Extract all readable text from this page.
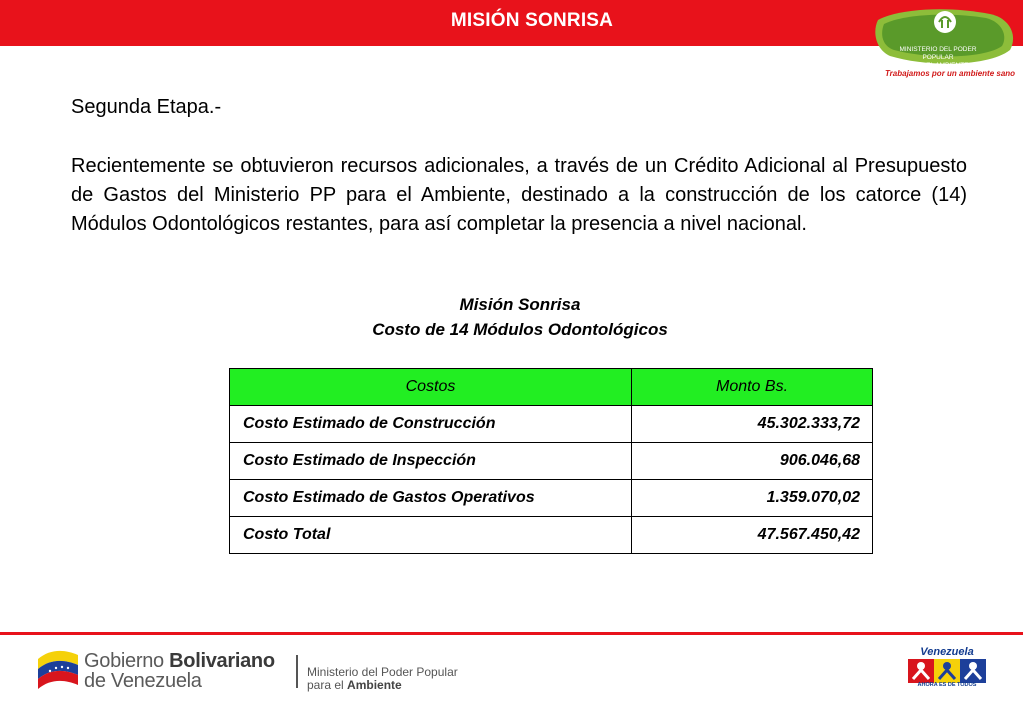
MISIÓN SONRISA
MINISTERIO DEL PODER POPULAR
PARA EL AMBIENTE
Trabajamos por un ambiente sano
Segunda Etapa.-
Recientemente se obtuvieron recursos adicionales, a través de un Crédito Adicional al Presupuesto de Gastos del Ministerio PP para el Ambiente, destinado a la construcción de los catorce (14) Módulos Odontológicos restantes, para así completar la presencia a nivel nacional.
Misión Sonrisa
Costo de 14 Módulos Odontológicos
Costos	Monto Bs.
Costo Estimado de Construcción	45.302.333,72
Costo Estimado de Inspección	906.046,68
Costo Estimado de Gastos Operativos	1.359.070,02
Costo Total	47.567.450,42
Gobierno Bolivariano
de Venezuela	Ministerio del Poder Popular
para el Ambiente
Venezuela
AHORA ES DE TODOS
